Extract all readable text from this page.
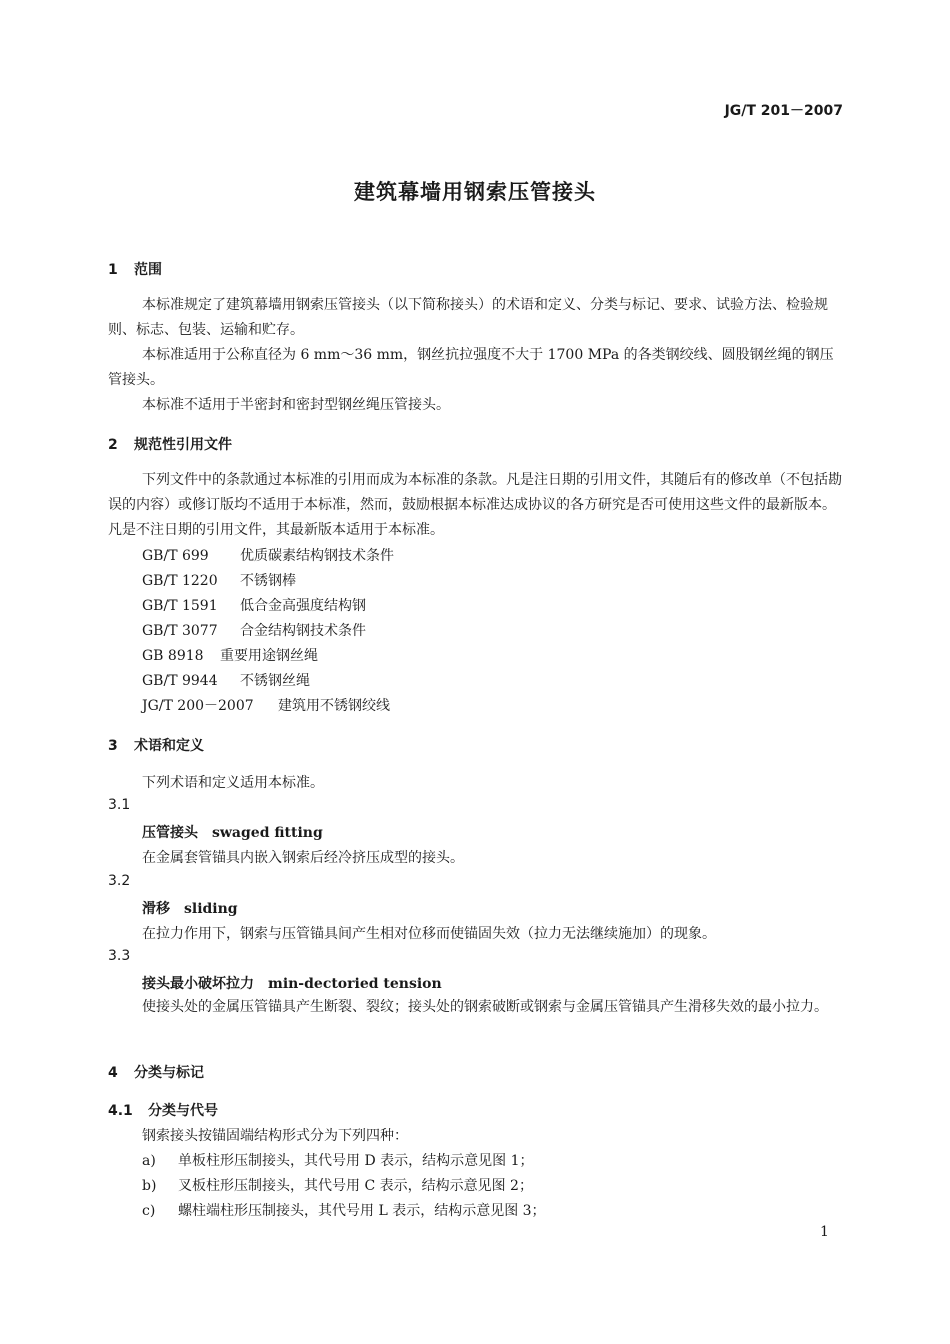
JG/T 201－2007
建筑幕墙用钢索压管接头
1 范围
本标准规定了建筑幕墙用钢索压管接头（以下简称接头）的术语和定义、分类与标记、要求、试验方法、检验规则、标志、包装、运输和贮存。
本标准适用于公称直径为 6 mm～36 mm，钢丝抗拉强度不大于 1700 MPa 的各类钢绞线、圆股钢丝绳的钢压管接头。
本标准不适用于半密封和密封型钢丝绳压管接头。
2 规范性引用文件
下列文件中的条款通过本标准的引用而成为本标准的条款。凡是注日期的引用文件，其随后有的修改单（不包括勘误的内容）或修订版均不适用于本标准，然而，鼓励根据本标准达成协议的各方研究是否可使用这些文件的最新版本。凡是不注日期的引用文件，其最新版本适用于本标准。
GB/T 699 优质碳素结构钢技术条件
GB/T 1220 不锈钢棒
GB/T 1591 低合金高强度结构钢
GB/T 3077 合金结构钢技术条件
GB 8918 重要用途钢丝绳
GB/T 9944 不锈钢丝绳
JG/T 200－2007 建筑用不锈钢绞线
3 术语和定义
下列术语和定义适用本标准。
3.1
压管接头 swaged fitting
在金属套管锚具内嵌入钢索后经冷挤压成型的接头。
3.2
滑移 sliding
在拉力作用下，钢索与压管锚具间产生相对位移而使锚固失效（拉力无法继续施加）的现象。
3.3
接头最小破坏拉力 min-dectoried tension
使接头处的金属压管锚具产生断裂、裂纹；接头处的钢索破断或钢索与金属压管锚具产生滑移失效的最小拉力。
4 分类与标记
4.1 分类与代号
钢索接头按锚固端结构形式分为下列四种：
a) 单板柱形压制接头，其代号用 D 表示，结构示意见图 1；
b) 叉板柱形压制接头，其代号用 C 表示，结构示意见图 2；
c) 螺柱端柱形压制接头，其代号用 L 表示，结构示意见图 3；
1
